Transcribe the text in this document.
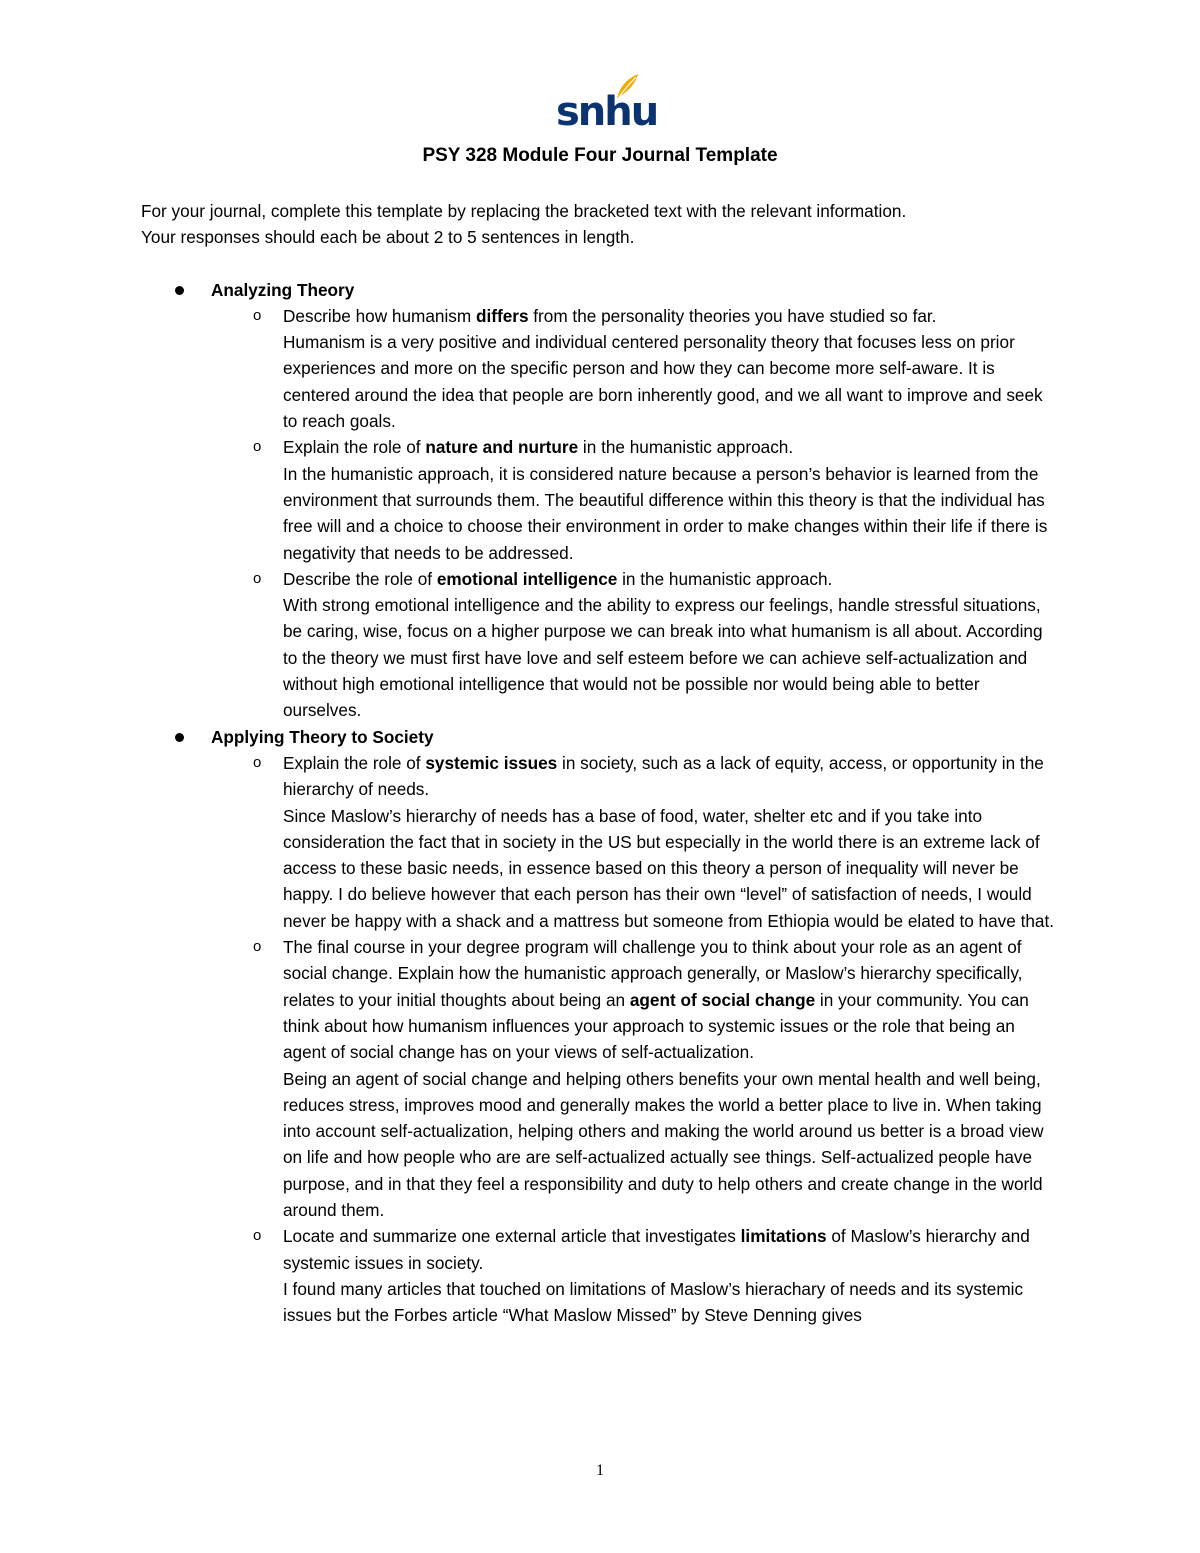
snhu
PSY 328 Module Four Journal Template

For your journal, complete this template by replacing the bracketed text with the relevant information.

Your responses should each be about 2 to 5 sentences in length.

Analyzing Theory
o Describe how humanism differs from the personality theories you have studied so far.

Humanism is a very positive and individual centered personality theory that focuses less on prior experiences and more on the specific person and how they can become more self-aware. It is centered around the idea that people are born inherently good, and we all want to improve and seek to reach goals.

o Explain the role of nature and nurture in the humanistic approach.

In the humanistic approach, it is considered nature because a person’s behavior is learned from the environment that surrounds them. The beautiful difference within this theory is that the individual has free will and a choice to choose their environment in order to make changes within their life if there is negativity that needs to be addressed.

o Describe the role of emotional intelligence in the humanistic approach.

With strong emotional intelligence and the ability to express our feelings, handle stressful situations, be caring, wise, focus on a higher purpose we can break into what humanism is all about. According to the theory we must first have love and self esteem before we can achieve self-actualization and without high emotional intelligence that would not be possible nor would being able to better ourselves.

Applying Theory to Society
o Explain the role of systemic issues in society, such as a lack of equity, access, or opportunity in the hierarchy of needs.

Since Maslow’s hierarchy of needs has a base of food, water, shelter etc and if you take into consideration the fact that in society in the US but especially in the world there is an extreme lack of access to these basic needs, in essence based on this theory a person of inequality will never be happy. I do believe however that each person has their own “level” of satisfaction of needs, I would never be happy with a shack and a mattress but someone from Ethiopia would be elated to have that.

o The final course in your degree program will challenge you to think about your role as an agent of social change. Explain how the humanistic approach generally, or Maslow’s hierarchy specifically, relates to your initial thoughts about being an agent of social change in your community. You can think about how humanism influences your approach to systemic issues or the role that being an agent of social change has on your views of self-actualization.

Being an agent of social change and helping others benefits your own mental health and well being, reduces stress, improves mood and generally makes the world a better place to live in. When taking into account self-actualization, helping others and making the world around us better is a broad view on life and how people who are are self-actualized actually see things. Self-actualized people have purpose, and in that they feel a responsibility and duty to help others and create change in the world around them.

o Locate and summarize one external article that investigates limitations of Maslow’s hierarchy and systemic issues in society.

I found many articles that touched on limitations of Maslow’s hierachary of needs and its systemic issues but the Forbes article “What Maslow Missed” by Steve Denning gives

1
